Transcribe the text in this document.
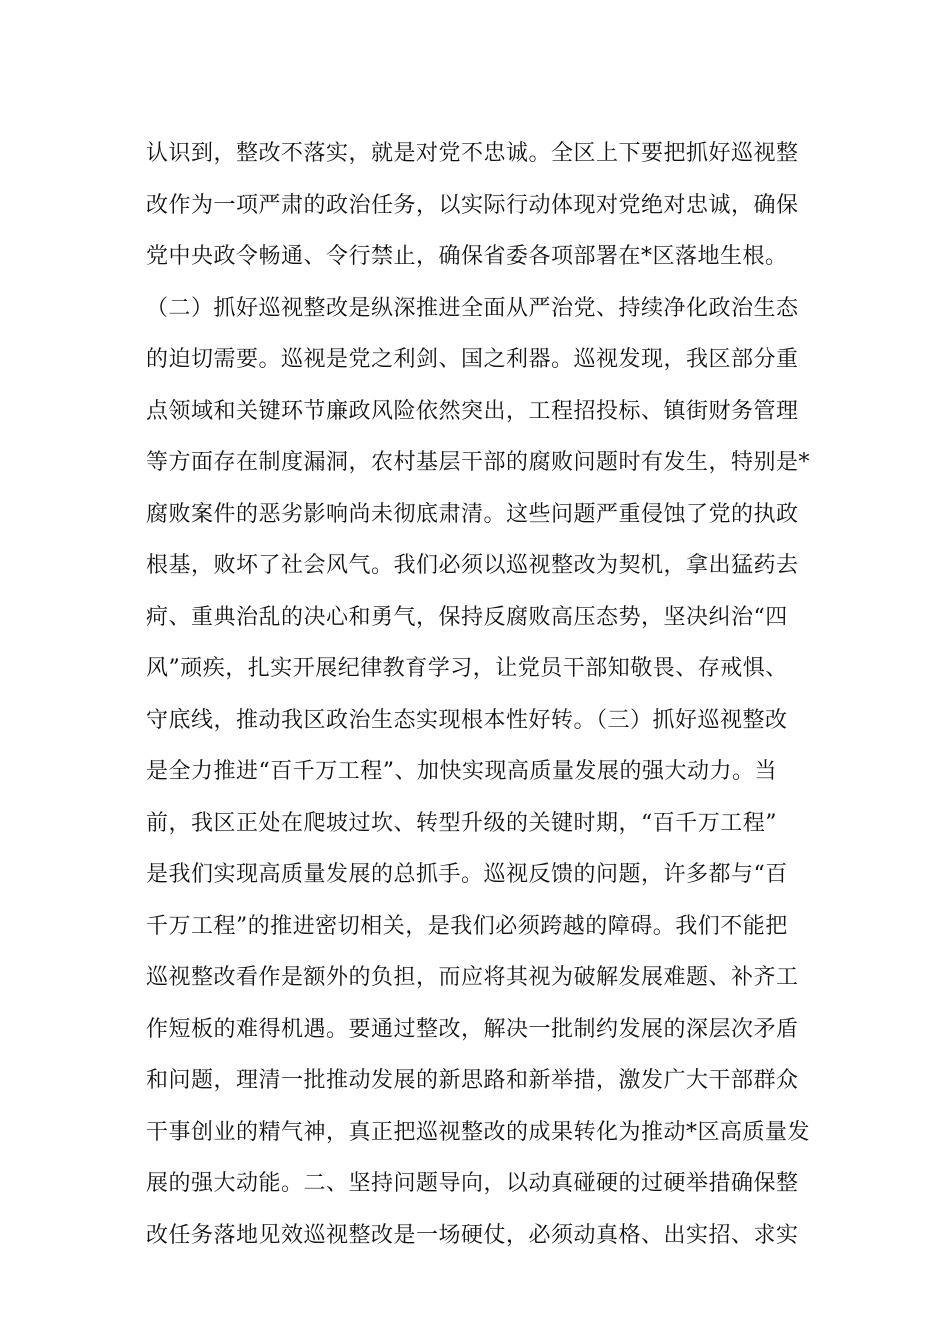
认识到，整改不落实，就是对党不忠诚。全区上下要把抓好巡视整
改作为一项严肃的政治任务，以实际行动体现对党绝对忠诚，确保
党中央政令畅通、令行禁止，确保省委各项部署在*区落地生根。
（二）抓好巡视整改是纵深推进全面从严治党、持续净化政治生态
的迫切需要。巡视是党之利剑、国之利器。巡视发现，我区部分重
点领域和关键环节廉政风险依然突出，工程招投标、镇街财务管理
等方面存在制度漏洞，农村基层干部的腐败问题时有发生，特别是*
腐败案件的恶劣影响尚未彻底肃清。这些问题严重侵蚀了党的执政
根基，败坏了社会风气。我们必须以巡视整改为契机，拿出猛药去
疴、重典治乱的决心和勇气，保持反腐败高压态势，坚决纠治“四
风”顽疾，扎实开展纪律教育学习，让党员干部知敬畏、存戒惧、
守底线，推动我区政治生态实现根本性好转。（三）抓好巡视整改
是全力推进“百千万工程”、加快实现高质量发展的强大动力。当
前，我区正处在爬坡过坎、转型升级的关键时期，“百千万工程”
是我们实现高质量发展的总抓手。巡视反馈的问题，许多都与“百
千万工程”的推进密切相关，是我们必须跨越的障碍。我们不能把
巡视整改看作是额外的负担，而应将其视为破解发展难题、补齐工
作短板的难得机遇。要通过整改，解决一批制约发展的深层次矛盾
和问题，理清一批推动发展的新思路和新举措，激发广大干部群众
干事创业的精气神，真正把巡视整改的成果转化为推动*区高质量发
展的强大动能。二、坚持问题导向，以动真碰硬的过硬举措确保整
改任务落地见效巡视整改是一场硬仗，必须动真格、出实招、求实
